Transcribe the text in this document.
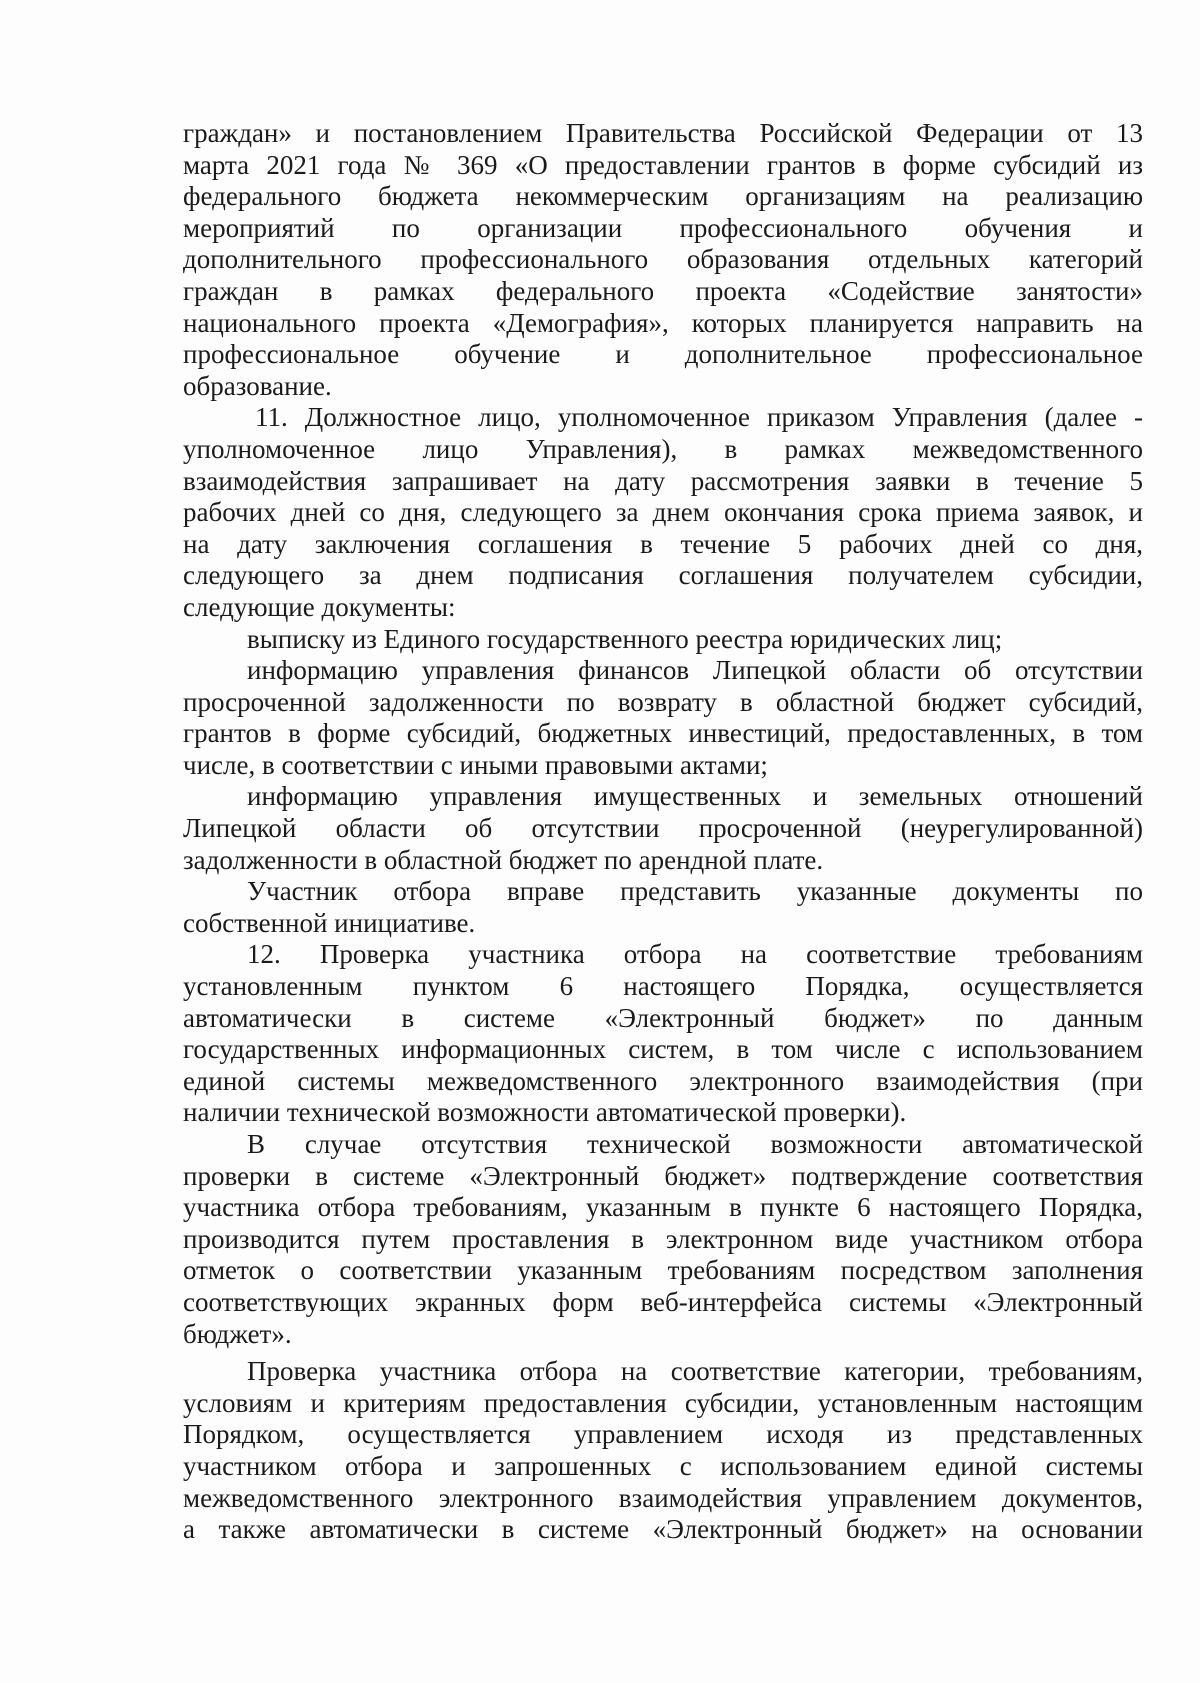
граждан» и постановлением Правительства Российской Федерации от 13
марта 2021 года № 369 «О предоставлении грантов в форме субсидий из
федерального бюджета некоммерческим организациям на реализацию
мероприятий по организации профессионального обучения и
дополнительного профессионального образования отдельных категорий
граждан в рамках федерального проекта «Содействие занятости»
национального проекта «Демография», которых планируется направить на
профессиональное обучение и дополнительное профессиональное
образование.
11. Должностное лицо, уполномоченное приказом Управления (далее -
уполномоченное лицо Управления), в рамках межведомственного
взаимодействия запрашивает на дату рассмотрения заявки в течение 5
рабочих дней со дня, следующего за днем окончания срока приема заявок, и
на дату заключения соглашения в течение 5 рабочих дней со дня,
следующего за днем подписания соглашения получателем субсидии,
следующие документы:
выписку из Единого государственного реестра юридических лиц;
информацию управления финансов Липецкой области об отсутствии
просроченной задолженности по возврату в областной бюджет субсидий,
грантов в форме субсидий, бюджетных инвестиций, предоставленных, в том
числе, в соответствии с иными правовыми актами;
информацию управления имущественных и земельных отношений
Липецкой области об отсутствии просроченной (неурегулированной)
задолженности в областной бюджет по арендной плате.
Участник отбора вправе представить указанные документы по
собственной инициативе.
12. Проверка участника отбора на соответствие требованиям
установленным пунктом 6 настоящего Порядка, осуществляется
автоматически в системе «Электронный бюджет» по данным
государственных информационных систем, в том числе с использованием
единой системы межведомственного электронного взаимодействия (при
наличии технической возможности автоматической проверки).
В случае отсутствия технической возможности автоматической
проверки в системе «Электронный бюджет» подтверждение соответствия
участника отбора требованиям, указанным в пункте 6 настоящего Порядка,
производится путем проставления в электронном виде участником отбора
отметок о соответствии указанным требованиям посредством заполнения
соответствующих экранных форм веб-интерфейса системы «Электронный
бюджет».
Проверка участника отбора на соответствие категории, требованиям,
условиям и критериям предоставления субсидии, установленным настоящим
Порядком, осуществляется управлением исходя из представленных
участником отбора и запрошенных с использованием единой системы
межведомственного электронного взаимодействия управлением документов,
а также автоматически в системе «Электронный бюджет» на основании
